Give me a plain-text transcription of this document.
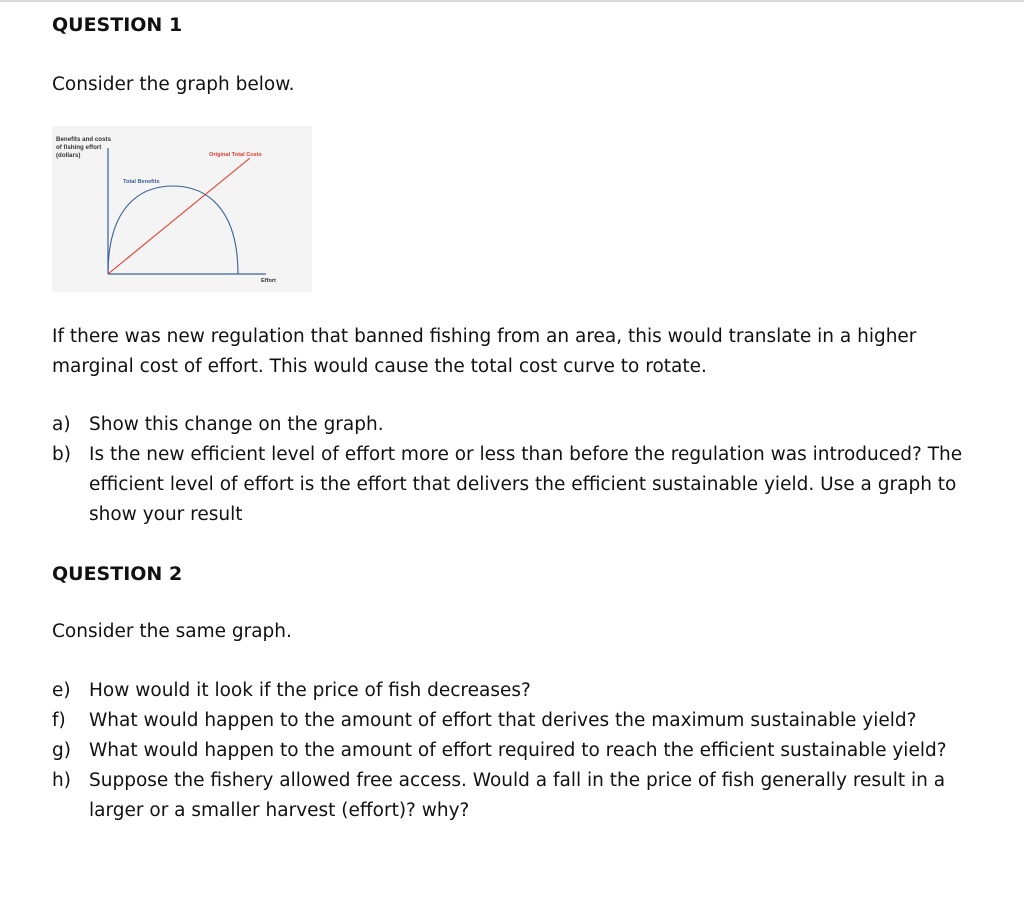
QUESTION 1

Consider the graph below.

Benefits and costs
of fishing effort
(dollars)
Total Benefits
Original Total Costs
Effort

If there was new regulation that banned fishing from an area, this would translate in a higher marginal cost of effort. This would cause the total cost curve to rotate.

a) Show this change on the graph.
b) Is the new efficient level of effort more or less than before the regulation was introduced? The efficient level of effort is the effort that delivers the efficient sustainable yield. Use a graph to show your result
QUESTION 2

Consider the same graph.

e) How would it look if the price of fish decreases?
f) What would happen to the amount of effort that derives the maximum sustainable yield?
g) What would happen to the amount of effort required to reach the efficient sustainable yield?
h) Suppose the fishery allowed free access. Would a fall in the price of fish generally result in a larger or a smaller harvest (effort)? why?
